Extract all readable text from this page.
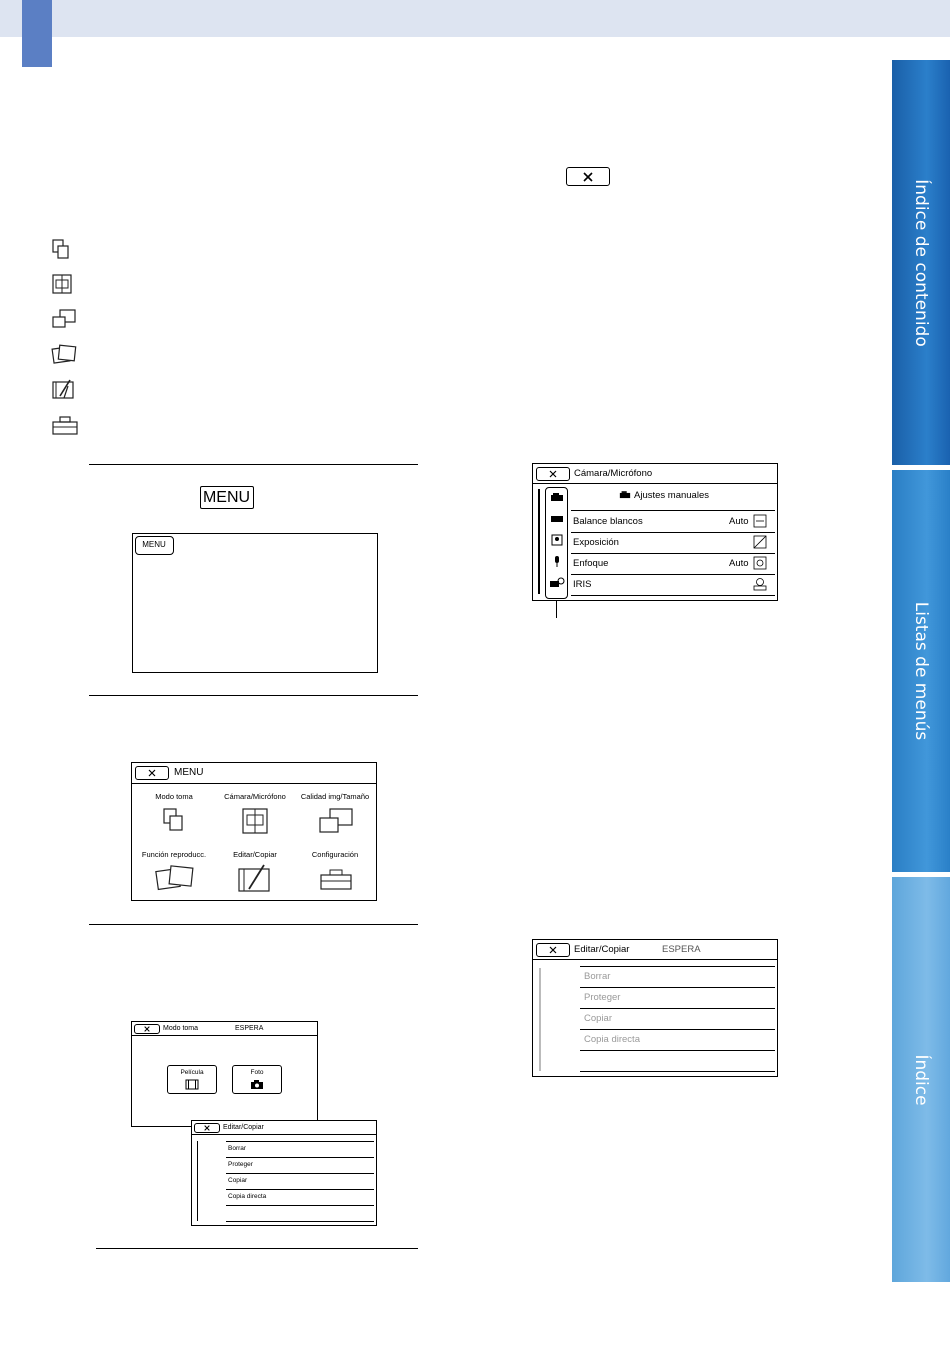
Índice de contenido
Listas de menús
Índice
MENU
MENU
MENU
Modo toma	Cámara/Micrófono	Calidad img/Tamaño
Función reproducc.	Editar/Copiar	Configuración
Modo toma	ESPERA
Película	Foto
Editar/Copiar
Borrar
Proteger
Copiar
Copia directa
Cámara/Micrófono
Ajustes manuales
Balance blancos	Auto
Exposición
Enfoque	Auto
IRIS
Editar/Copiar	ESPERA
Borrar
Proteger
Copiar
Copia directa
